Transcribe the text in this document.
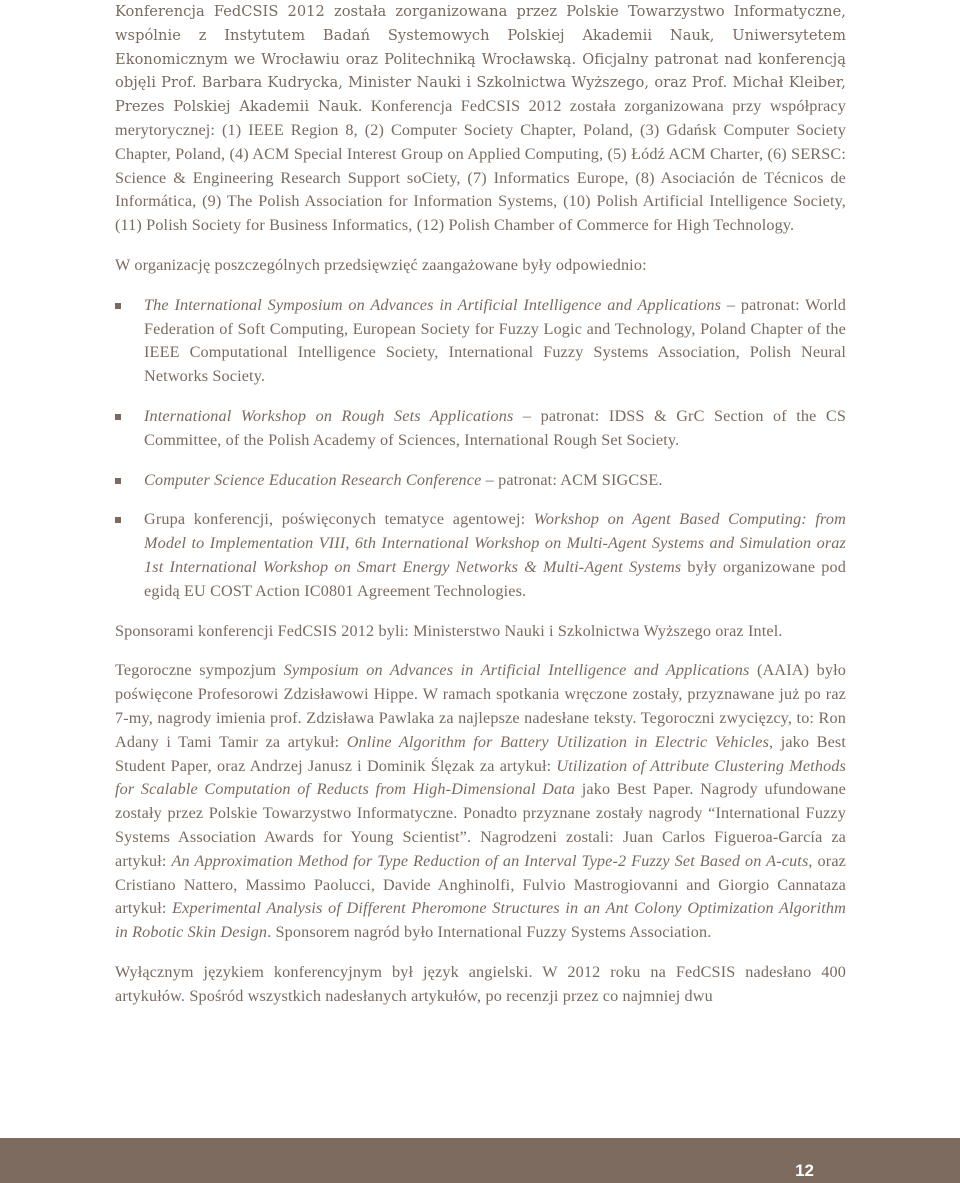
Konferencja FedCSIS 2012 została zorganizowana przez Polskie Towarzystwo Informatyczne, wspólnie z Instytutem Badań Systemowych Polskiej Akademii Nauk, Uniwersytetem Ekonomicznym we Wrocławiu oraz Politechniką Wrocławską. Oficjalny patronat nad konferencją objęli Prof. Barbara Kudrycka, Minister Nauki i Szkolnictwa Wyższego, oraz Prof. Michał Kleiber, Prezes Polskiej Akademii Nauk. Konferencja FedCSIS 2012 została zorganizowana przy współpracy merytorycznej: (1) IEEE Region 8, (2) Computer Society Chapter, Poland, (3) Gdańsk Computer Society Chapter, Poland, (4) ACM Special Interest Group on Applied Computing, (5) Łódź ACM Charter, (6) SERSC: Science & Engineering Research Support soCiety, (7) Informatics Europe, (8) Asociación de Técnicos de Informática, (9) The Polish Association for Information Systems, (10) Polish Artificial Intelligence Society, (11) Polish Society for Business Informatics, (12) Polish Chamber of Commerce for High Technology.

W organizację poszczególnych przedsięwzięć zaangażowane były odpowiednio:

The International Symposium on Advances in Artificial Intelligence and Applications – patronat: World Federation of Soft Computing, European Society for Fuzzy Logic and Technology, Poland Chapter of the IEEE Computational Intelligence Society, International Fuzzy Systems Association, Polish Neural Networks Society.
International Workshop on Rough Sets Applications – patronat: IDSS & GrC Section of the CS Committee, of the Polish Academy of Sciences, International Rough Set Society.
Computer Science Education Research Conference – patronat: ACM SIGCSE.
Grupa konferencji, poświęconych tematyce agentowej: Workshop on Agent Based Computing: from Model to Implementation VIII, 6th International Workshop on Multi-Agent Systems and Simulation oraz 1st International Workshop on Smart Energy Networks & Multi-Agent Systems były organizowane pod egidą EU COST Action IC0801 Agreement Technologies.

Sponsorami konferencji FedCSIS 2012 byli: Ministerstwo Nauki i Szkolnictwa Wyższego oraz Intel.

Tegoroczne sympozjum Symposium on Advances in Artificial Intelligence and Applications (AAIA) było poświęcone Profesorowi Zdzisławowi Hippe. W ramach spotkania wręczone zostały, przyznawane już po raz 7-my, nagrody imienia prof. Zdzisława Pawlaka za najlepsze nadesłane teksty. Tegoroczni zwycięzcy, to: Ron Adany i Tami Tamir za artykuł: Online Algorithm for Battery Utilization in Electric Vehicles, jako Best Student Paper, oraz Andrzej Janusz i Dominik Ślęzak za artykuł: Utilization of Attribute Clustering Methods for Scalable Computation of Reducts from High-Dimensional Data jako Best Paper. Nagrody ufundowane zostały przez Polskie Towarzystwo Informatyczne. Ponadto przyznane zostały nagrody “International Fuzzy Systems Association Awards for Young Scientist”. Nagrodzeni zostali: Juan Carlos Figueroa-García za artykuł: An Approximation Method for Type Reduction of an Interval Type-2 Fuzzy Set Based on A-cuts, oraz Cristiano Nattero, Massimo Paolucci, Davide Anghinolfi, Fulvio Mastrogiovanni and Giorgio Cannataza artykuł: Experimental Analysis of Different Pheromone Structures in an Ant Colony Optimization Algorithm in Robotic Skin Design. Sponsorem nagród było International Fuzzy Systems Association.

Wyłącznym językiem konferencyjnym był język angielski. W 2012 roku na FedCSIS nadesłano 400 artykułów. Spośród wszystkich nadesłanych artykułów, po recenzji przez co najmniej dwu

12
